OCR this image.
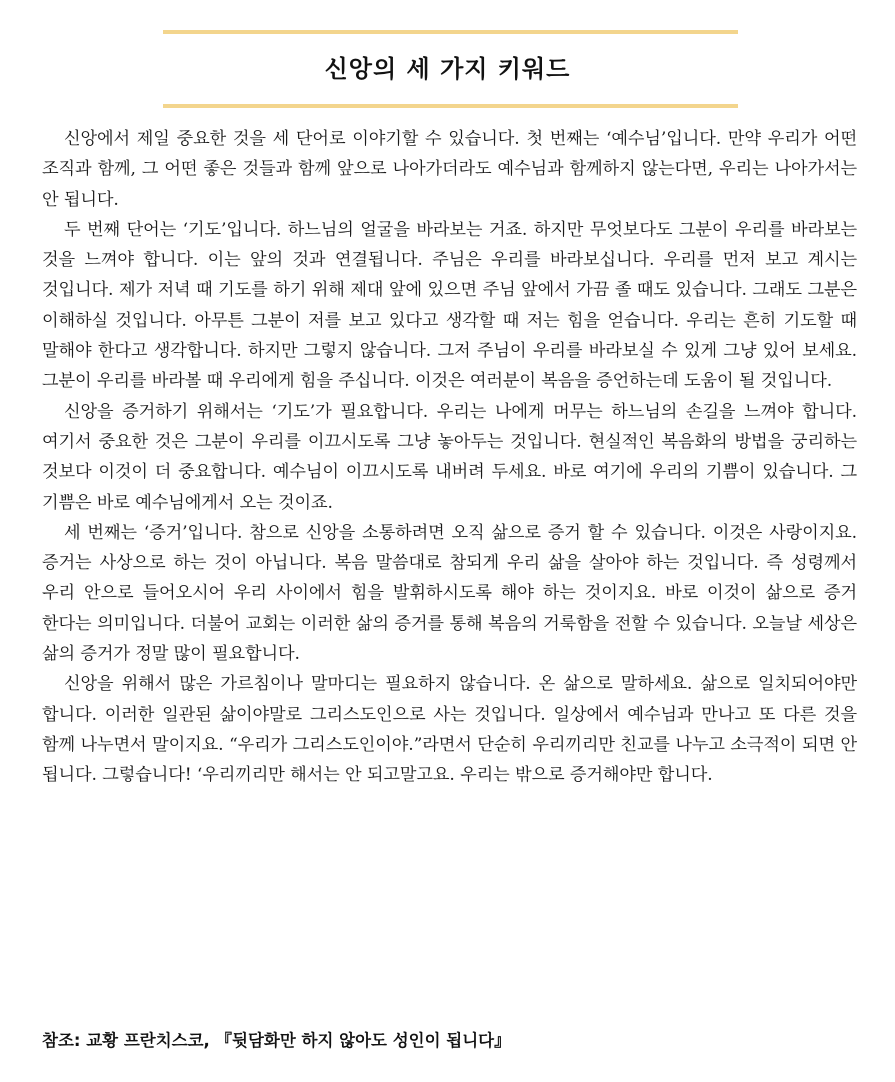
신앙의 세 가지 키워드

신앙에서 제일 중요한 것을 세 단어로 이야기할 수 있습니다. 첫 번째는 ‘예수님’입니다. 만약 우리가 어떤 조직과 함께, 그 어떤 좋은 것들과 함께 앞으로 나아가더라도 예수님과 함께하지 않는다면, 우리는 나아가서는 안 됩니다.

두 번째 단어는 ‘기도’입니다. 하느님의 얼굴을 바라보는 거죠. 하지만 무엇보다도 그분이 우리를 바라보는 것을 느껴야 합니다. 이는 앞의 것과 연결됩니다. 주님은 우리를 바라보십니다. 우리를 먼저 보고 계시는 것입니다. 제가 저녁 때 기도를 하기 위해 제대 앞에 있으면 주님 앞에서 가끔 졸 때도 있습니다. 그래도 그분은 이해하실 것입니다. 아무튼 그분이 저를 보고 있다고 생각할 때 저는 힘을 얻습니다. 우리는 흔히 기도할 때 말해야 한다고 생각합니다. 하지만 그렇지 않습니다. 그저 주님이 우리를 바라보실 수 있게 그냥 있어 보세요. 그분이 우리를 바라볼 때 우리에게 힘을 주십니다. 이것은 여러분이 복음을 증언하는데 도움이 될 것입니다.

신앙을 증거하기 위해서는 ‘기도’가 필요합니다. 우리는 나에게 머무는 하느님의 손길을 느껴야 합니다. 여기서 중요한 것은 그분이 우리를 이끄시도록 그냥 놓아두는 것입니다. 현실적인 복음화의 방법을 궁리하는 것보다 이것이 더 중요합니다. 예수님이 이끄시도록 내버려 두세요. 바로 여기에 우리의 기쁨이 있습니다. 그 기쁨은 바로 예수님에게서 오는 것이죠.

세 번째는 ‘증거’입니다. 참으로 신앙을 소통하려면 오직 삶으로 증거 할 수 있습니다. 이것은 사랑이지요. 증거는 사상으로 하는 것이 아닙니다. 복음 말씀대로 참되게 우리 삶을 살아야 하는 것입니다. 즉 성령께서 우리 안으로 들어오시어 우리 사이에서 힘을 발휘하시도록 해야 하는 것이지요. 바로 이것이 삶으로 증거 한다는 의미입니다. 더불어 교회는 이러한 삶의 증거를 통해 복음의 거룩함을 전할 수 있습니다. 오늘날 세상은 삶의 증거가 정말 많이 필요합니다.

신앙을 위해서 많은 가르침이나 말마디는 필요하지 않습니다. 온 삶으로 말하세요. 삶으로 일치되어야만 합니다. 이러한 일관된 삶이야말로 그리스도인으로 사는 것입니다. 일상에서 예수님과 만나고 또 다른 것을 함께 나누면서 말이지요. “우리가 그리스도인이야.”라면서 단순히 우리끼리만 친교를 나누고 소극적이 되면 안 됩니다. 그렇습니다! ‘우리끼리만 해서는 안 되고말고요. 우리는 밖으로 증거해야만 합니다.

참조: 교황 프란치스코, 『뒷담화만 하지 않아도 성인이 됩니다』
